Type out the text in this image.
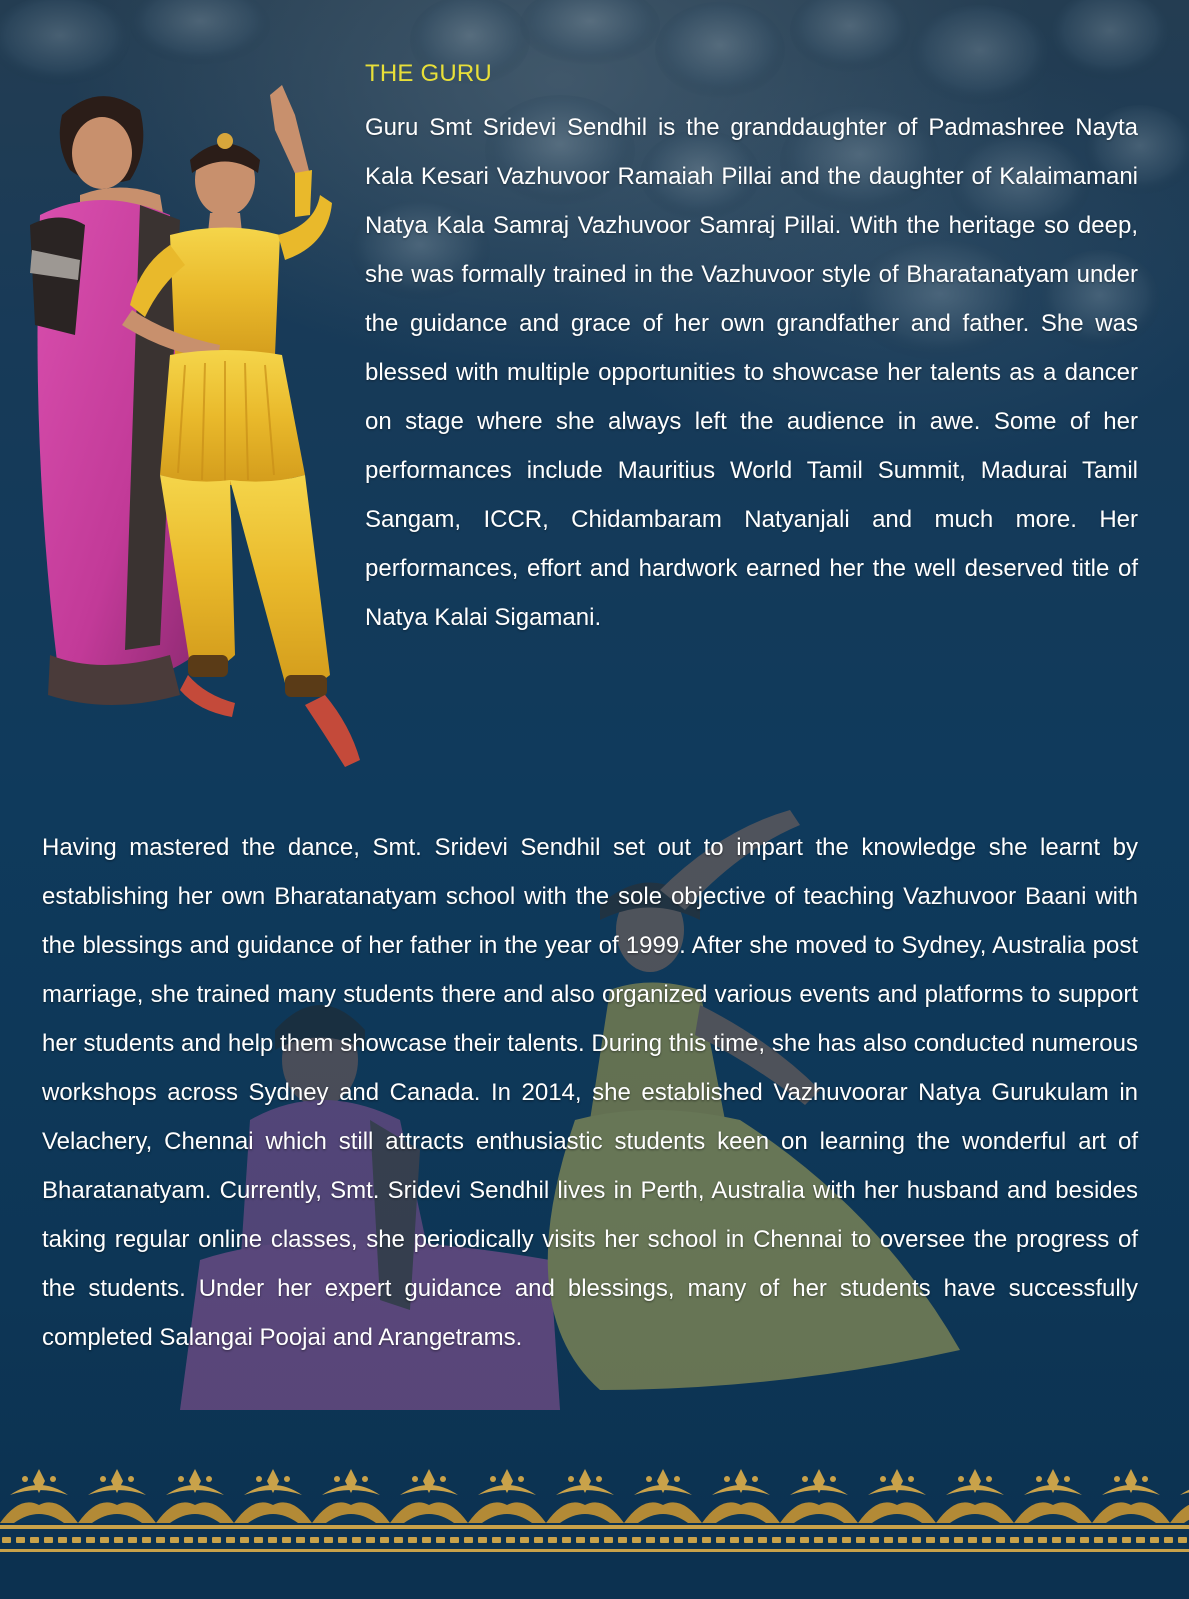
THE GURU

Guru Smt Sridevi Sendhil is the granddaughter of Padmashree Nayta Kala Kesari Vazhuvoor Ramaiah Pillai and the daughter of Kalaimamani Natya Kala Samraj Vazhuvoor Samraj Pillai. With the heritage so deep, she was formally trained in the Vazhuvoor style of Bharatanatyam under the guidance and grace of her own grandfather and father. She was blessed with multiple opportunities to showcase her talents as a dancer on stage where she always left the audience in awe. Some of her performances include Mauritius World Tamil Summit, Madurai Tamil Sangam, ICCR, Chidambaram Natyanjali and much more. Her performances, effort and hardwork earned her the well deserved title of Natya Kalai Sigamani.

Having mastered the dance, Smt. Sridevi Sendhil set out to impart the knowledge she learnt by establishing her own Bharatanatyam school with the sole objective of teaching Vazhuvoor Baani with the blessings and guidance of her father in the year of 1999. After she moved to Sydney, Australia post marriage, she trained many students there and also organized various events and platforms to support her students and help them showcase their talents. During this time, she has also conducted numerous workshops across Sydney and Canada. In 2014, she established Vazhuvoorar Natya Gurukulam in Velachery, Chennai which still attracts enthusiastic students keen on learning the wonderful art of Bharatanatyam. Currently, Smt. Sridevi Sendhil lives in Perth, Australia with her husband and besides taking regular online classes, she periodically visits her school in Chennai to oversee the progress of the students. Under her expert guidance and blessings, many of her students have successfully completed Salangai Poojai and Arangetrams.
